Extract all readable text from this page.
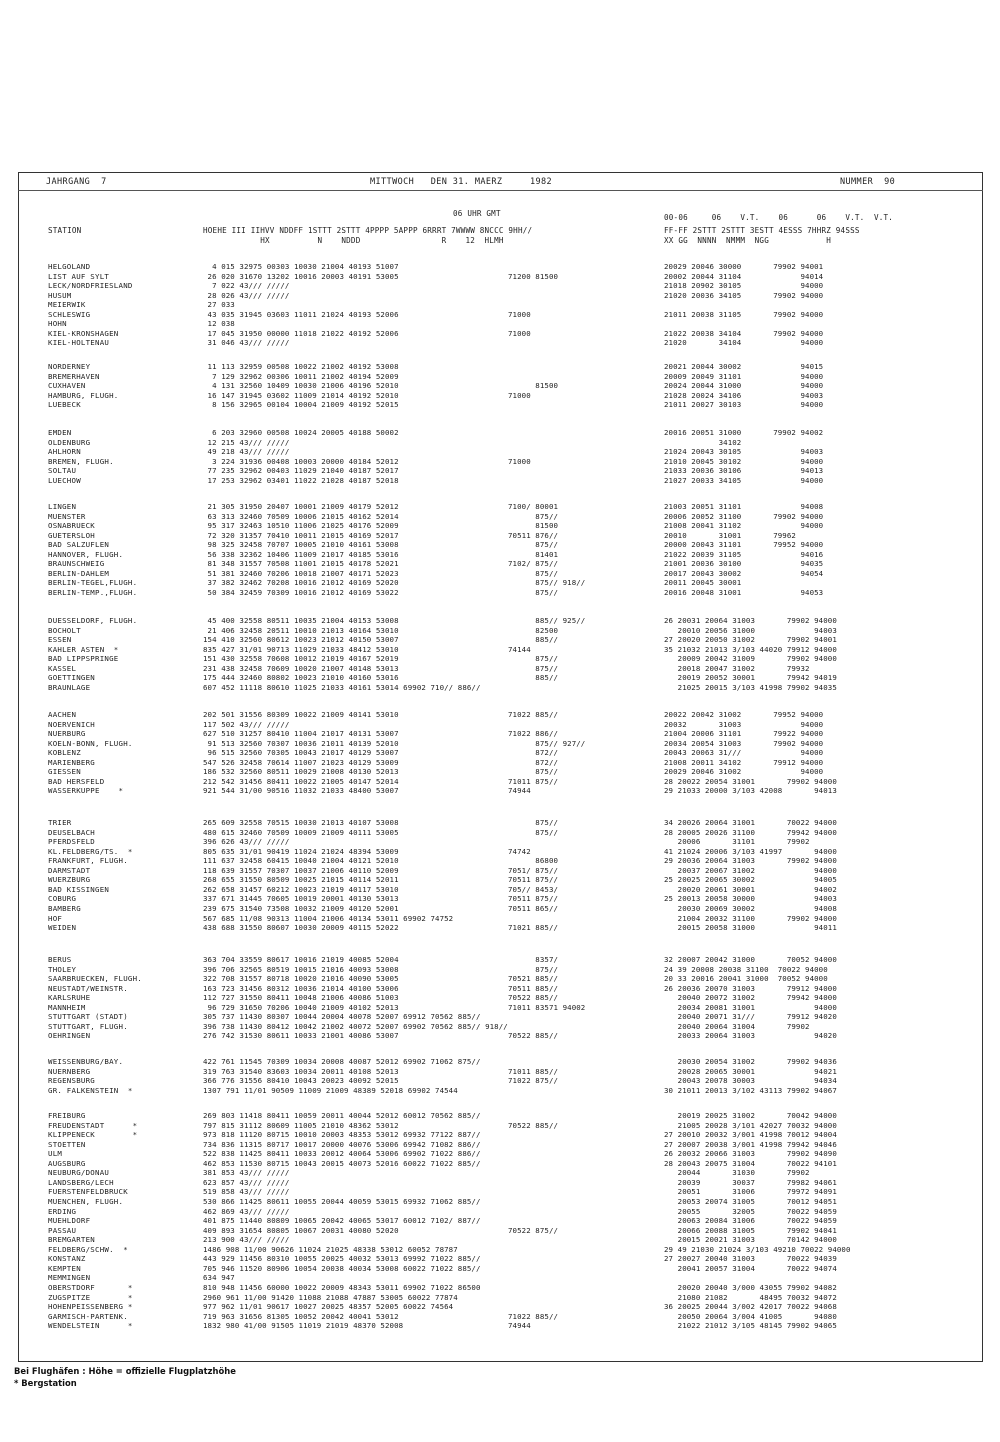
JAHRGANG  7	MITTWOCH   DEN 31. MAERZ     1982	NUMMER  90
06 UHR GMT	00-06     06    V.T.    06      06    V.T.  V.T.
STATION	HOEHE III IIHVV NDDFF 1STTT 2STTT 4PPPP 5APPP 6RRRT 7WWWW 8NCCC 9HH//
HX          N    NDDD                 R    12  HLMH
FF-FF 2STTT 2STTT 3ESTT 4ESSS 7HHRZ 94SSS
XX GG  NNNN  NMMM  NGG            H
HELGOLAND	4 015 32975 00303 10030 21004 40193 51007	20029 20046 30000       79902 94001
LIST AUF SYLT	26 020 31670 13202 10016 20003 40191 53005	71200 81500	20002 20044 31104             94014
LECK/NORDFRIESLAND	7 022 43/// /////	21018 20902 30105             94000
HUSUM	28 026 43/// /////	21020 20036 34105       79902 94000
MEIERWIK	27 033
SCHLESWIG	43 035 31945 03603 11011 21024 40193 52006	71000	21011 20038 31105       79902 94000
HOHN	12 038
KIEL-KRONSHAGEN	17 045 31950 00000 11018 21022 40192 52006	71000	21022 20038 34104       79902 94000
KIEL-HOLTENAU	31 046 43/// /////	21020       34104             94000
NORDERNEY	11 113 32959 00508 10022 21002 40192 53008	20021 20044 30002             94015
BREMERHAVEN	7 129 32962 00306 10011 21002 40194 52009	20009 20049 31101             94000
CUXHAVEN	4 131 32560 10409 10030 21006 40196 52010	81500	20024 20044 31000             94000
HAMBURG, FLUGH.	16 147 31945 03602 11009 21014 40192 52010	71000	21028 20024 34106             94003
LUEBECK	8 156 32965 00104 10004 21009 40192 52015	21011 20027 30103             94000
EMDEN	6 203 32960 00508 10024 20005 40188 50002	20016 20051 31000       79902 94002
OLDENBURG	12 215 43/// /////	34102
AHLHORN	49 218 43/// /////	21024 20043 30105             94003
BREMEN, FLUGH.	3 224 31936 00408 10003 20000 40184 52012	71000	21010 20045 30102             94000
SOLTAU	77 235 32962 00403 11029 21040 40187 52017	21033 20036 30106             94013
LUECHOW	17 253 32962 03401 11022 21028 40187 52018	21027 20033 34105             94000
LINGEN	21 305 31950 20407 10001 21009 40179 52012	7100/ 80001	21003 20051 31101             94008
MUENSTER	63 313 32460 70509 10006 21015 40162 52014	875//	20006 20052 31100       79902 94000
OSNABRUECK	95 317 32463 10510 11006 21025 40176 52009	81500	21008 20041 31102             94000
GUETERSLOH	72 320 31357 70410 10011 21015 40169 52017	70511 876//	20010       31001       79962
BAD SALZUFLEN	98 325 32458 70707 10005 21010 40161 53008	875//	20000 20043 31101       79952 94000
HANNOVER, FLUGH.	56 338 32362 10406 11009 21017 40185 53016	81401	21022 20039 31105             94016
BRAUNSCHWEIG	81 348 31557 70508 11001 21015 40178 52021	7102/ 875//	21001 20036 30100             94035
BERLIN-DAHLEM	51 381 32460 70206 10018 21007 40171 52023	875//	20017 20043 30002             94054
BERLIN-TEGEL,FLUGH.	37 382 32462 70208 10016 21012 40169 52020	875// 918//	20011 20045 30001
BERLIN-TEMP.,FLUGH.	50 384 32459 70309 10016 21012 40169 53022	875//	20016 20048 31001             94053
DUESSELDORF, FLUGH.	45 400 32558 80511 10035 21004 40153 53008	885// 925//	26 20031 20064 31003       79902 94000
BOCHOLT	21 406 32458 20511 10010 21013 40164 53010	82500	20010 20056 31000             94003
ESSEN	154 410 32560 80612 10023 21012 40150 53007	885//	27 20020 20050 31002       79902 94001
KAHLER ASTEN  *	835 427 31/01 90713 11029 21033 48412 53010	74144	35 21032 21013 3/103 44020 79912 94000
BAD LIPPSPRINGE	151 430 32558 70608 10012 21019 40167 52019	875//	20009 20042 31009       79902 94000
KASSEL	231 438 32458 70609 10020 21007 40148 53013	875//	20018 20047 31002       79932
GOETTINGEN	175 444 32460 80802 10023 21010 40160 53016	885//	20019 20052 30001       79942 94019
BRAUNLAGE	607 452 11118 80610 11025 21033 40161 53014 69902 710// 886//	21025 20015 3/103 41998 79902 94035
AACHEN	202 501 31556 80309 10022 21009 40141 53010	71022 885//	20022 20042 31002       79952 94000
NOERVENICH	117 502 43/// /////	20032       31003             94000
NUERBURG	627 510 31257 80410 11004 21017 40131 53007	71022 886//	21004 20006 31101       79922 94000
KOELN-BONN, FLUGH.	91 513 32560 70307 10036 21011 40139 52010	875// 927//	20034 20054 31003       79902 94000
KOBLENZ	96 515 32560 70305 10043 21017 40129 53007	872//	20043 20063 31///             94000
MARIENBERG	547 526 32458 70614 11007 21023 40129 53009	872//	21008 20011 34102       79912 94000
GIESSEN	186 532 32560 80511 10029 21008 40130 52013	875//	20029 20046 31002             94000
BAD HERSFELD	212 542 31456 80411 10022 21005 40147 52014	71011 875//	28 20022 20054 31001       79902 94000
WASSERKUPPE    *	921 544 31/00 90516 11032 21033 48400 53007	74944	29 21033 20000 3/103 42008       94013
TRIER	265 609 32558 70515 10030 21013 40107 53008	875//	34 20026 20064 31001       70022 94000
DEUSELBACH	480 615 32460 70509 10009 21009 40111 53005	875//	28 20005 20026 31100       79942 94000
PFERDSFELD	396 626 43/// /////	20006       31101       79902
KL.FELDBERG/TS.  *	805 635 31/01 90419 11024 21024 48394 53009	74742	41 21024 20006 3/103 41997       94000
FRANKFURT, FLUGH.	111 637 32458 60415 10040 21004 40121 52010	86800	29 20036 20064 31003       79902 94000
DARMSTADT	118 639 31557 70307 10037 21006 40110 52009	7051/ 875//	20037 20067 31002             94000
WUERZBURG	268 655 31550 80509 10025 21015 40114 52011	70511 875//	25 20025 20065 30002             94005
BAD KISSINGEN	262 658 31457 60212 10023 21019 40117 53010	705// 8453/	20020 20061 30001             94002
COBURG	337 671 31445 70605 10019 20001 40130 53013	70511 875//	25 20013 20058 30000             94003
BAMBERG	239 675 31540 73508 10032 21009 40120 52001	70511 865//	20030 20069 30002             94008
HOF	567 685 11/08 90313 11004 21006 40134 53011 69902 74752	21004 20032 31100       79902 94000
WEIDEN	438 688 31550 80607 10030 20009 40115 52022	71021 885//	20015 20058 31000             94011
BERUS	363 704 33559 80617 10016 21019 40085 52004	8357/	32 20007 20042 31000       70052 94000
THOLEY	396 706 32565 80519 10015 21016 40093 53008	875//	24 39 20008 20038 31100  70022 94000
SAARBRUECKEN, FLUGH.	322 708 31557 80718 10020 21016 40090 53005	70521 885//	20 33 20016 20041 31000  70052 94000
NEUSTADT/WEINSTR.	163 723 31456 80312 10036 21014 40100 53006	70511 885//	26 20036 20070 31003       79912 94000
KARLSRUHE	112 727 31550 80411 10048 21006 40086 51003	70522 885//	20040 20072 31002       79942 94000
MANNHEIM	96 729 31650 70206 10040 21009 40102 52013	71011 83571 94002	20034 20081 31001             94000
STUTTGART (STADT)	305 737 11430 80307 10044 20004 40078 52007 69912 70562 885//	20040 20071 31///       79912 94020
STUTTGART, FLUGH.	396 738 11430 80412 10042 21002 40072 52007 69902 70562 885// 918//	20040 20064 31004       79902
OEHRINGEN	276 742 31530 80611 10033 21001 40086 53007	70522 885//	20033 20064 31003             94020
WEISSENBURG/BAY.	422 761 11545 70309 10034 20008 40087 52012 69902 71062 875//	20030 20054 31002       79902 94036
NUERNBERG	319 763 31540 83603 10034 20011 40108 52013	71011 885//	20028 20065 30001             94021
REGENSBURG	366 776 31556 80410 10043 20023 40092 52015	71022 875//	20043 20078 30003             94034
GR. FALKENSTEIN  *	1307 791 11/01 90509 11009 21009 48389 52018 69902 74544	30 21011 20013 3/102 43113 79902 94067
FREIBURG	269 803 11418 80411 10059 20011 40044 52012 60012 70562 885//	20019 20025 31002       70042 94000
FREUDENSTADT      *	797 815 31112 80609 11005 21010 48362 53012	70522 885//	21005 20028 3/101 42027 70032 94000
KLIPPENECK        *	973 818 11120 80715 10010 20003 48353 53012 69932 77122 887//	27 20010 20032 3/001 41998 70012 94004
STOETTEN	734 836 11315 80717 10017 20000 40076 53006 69942 71082 886//	27 20007 20038 3/001 41998 79942 94046
ULM	522 838 11425 80411 10033 20012 40064 53006 69902 71022 886//	26 20032 20066 31003       79902 94090
AUGSBURG	462 853 11530 80715 10043 20015 40073 52016 60022 71022 885//	28 20043 20075 31004       70022 94101
NEUBURG/DONAU	381 853 43/// /////	20044       31030       79902
LANDSBERG/LECH	623 857 43/// /////	20039       30037       79982 94061
FUERSTENFELDBRUCK	519 858 43/// /////	20051       31006       79972 94091
MUENCHEN, FLUGH.	530 866 11425 80611 10055 20044 40059 53015 69932 71062 885//	20053 20074 31005       70012 94051
ERDING	462 869 43/// /////	20055       32005       70022 94059
MUEHLDORF	401 875 11440 80809 10065 20042 40065 53017 60012 7102/ 887//	20063 20084 31006       70022 94059
PASSAU	409 893 31654 80805 10067 20031 40080 52020	70522 875//	20066 20088 31005       79902 94041
BREMGARTEN	213 900 43/// /////	20015 20021 31003       70142 94000
FELDBERG/SCHW.  *	1486 908 11/00 90626 11024 21025 48338 53012 60052 78787	29 49 21030 21024 3/103 49210 70022 94000
KONSTANZ	443 929 11456 80310 10055 20025 40032 53013 69992 71022 885//	27 20027 20040 31003       70022 94039
KEMPTEN	705 946 11520 80906 10054 20038 40034 53008 60022 71022 885//	20041 20057 31004       70022 94074
MEMMINGEN	634 947
OBERSTDORF       *	810 948 11456 60000 10022 20009 48343 53011 69902 71022 86500	20020 20040 3/000 43055 79902 94082
ZUGSPITZE        *	2960 961 11/00 91420 11088 21088 47887 53005 60022 77874	21080 21082       48495 70032 94072
HOHENPEISSENBERG *	977 962 11/01 90617 10027 20025 48357 52005 60022 74564	36 20025 20044 3/002 42017 70022 94068
GARMISCH-PARTENK.	719 963 31656 81305 10052 20042 40041 53012	71022 885//	20050 20064 3/004 41005       94080
WENDELSTEIN      *	1832 980 41/00 91505 11019 21019 48370 52008	74944	21022 21012 3/105 48145 79902 94065
Bei Flughäfen : Höhe = offizielle Flugplatzhöhe
* Bergstation
